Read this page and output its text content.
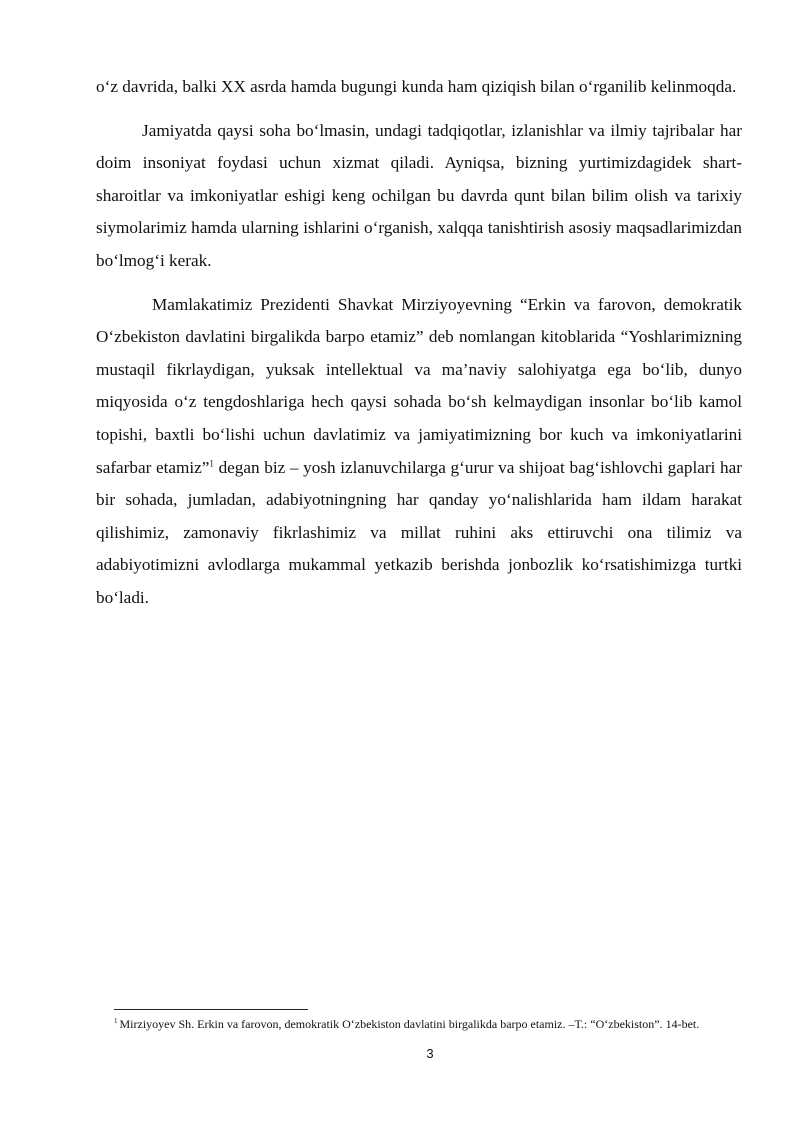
o‘z davrida, balki XX asrda hamda bugungi kunda ham qiziqish bilan o‘rganilib kelinmoqda.

Jamiyatda qaysi soha bo‘lmasin, undagi tadqiqotlar, izlanishlar va ilmiy tajribalar har doim insoniyat foydasi uchun xizmat qiladi. Ayniqsa, bizning yurtimizdagidek shart-sharoitlar va imkoniyatlar eshigi keng ochilgan bu davrda qunt bilan bilim olish va tarixiy siymolarimiz hamda ularning ishlarini o‘rganish, xalqqa tanishtirish asosiy maqsadlarimizdan bo‘lmog‘i kerak.

Mamlakatimiz Prezidenti Shavkat Mirziyoyevning “Erkin va farovon, demokratik O‘zbekiston davlatini birgalikda barpo etamiz” deb nomlangan kitoblarida “Yoshlarimizning mustaqil fikrlaydigan, yuksak intellektual va ma’naviy salohiyatga ega bo‘lib, dunyo miqyosida o‘z tengdoshlariga hech qaysi sohada bo‘sh kelmaydigan insonlar bo‘lib kamol topishi, baxtli bo‘lishi uchun davlatimiz va jamiyatimizning bor kuch va imkoniyatlarini safarbar etamiz”$^1$ degan biz – yosh izlanuvchilarga g‘urur va shijoat bag‘ishlovchi gaplari har bir sohada, jumladan, adabiyotningning har qanday yo‘nalishlarida ham ildam harakat qilishimiz, zamonaviy fikrlashimiz va millat ruhini aks ettiruvchi ona tilimiz va adabiyotimizni avlodlarga mukammal yetkazib berishda jonbozlik ko‘rsatishimizga turtki bo‘ladi.

$^1$ Mirziyoyev Sh. Erkin va farovon, demokratik O‘zbekiston davlatini birgalikda barpo etamiz. –T.: “O‘zbekiston”. 14-bet.
3
